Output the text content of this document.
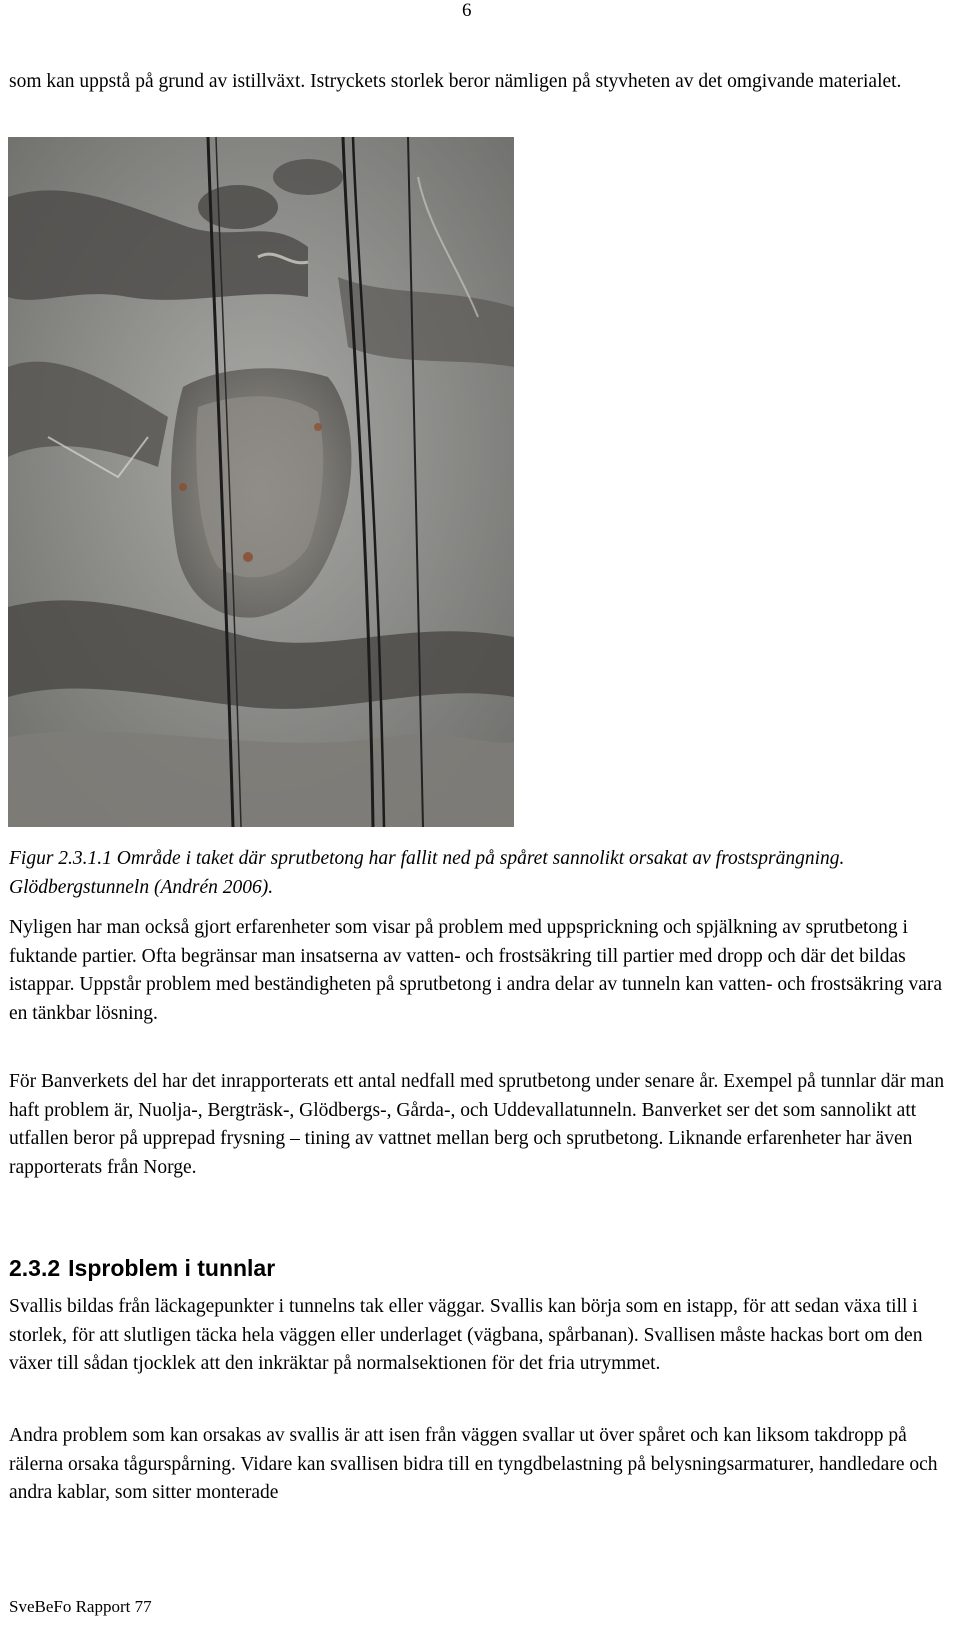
6

som kan uppstå på grund av istillväxt. Istryckets storlek beror nämligen på styvheten av det omgivande materialet.

Figur 2.3.1.1 Område i taket där sprutbetong har fallit ned på spåret sannolikt orsakat av frostsprängning. Glödbergstunneln (Andrén 2006).

Nyligen har man också gjort erfarenheter som visar på problem med uppsprickning och spjälkning av sprutbetong i fuktande partier. Ofta begränsar man insatserna av vatten- och frostsäkring till partier med dropp och där det bildas istappar. Uppstår problem med beständigheten på sprutbetong i andra delar av tunneln kan vatten- och frostsäkring vara en tänkbar lösning.

För Banverkets del har det inrapporterats ett antal nedfall med sprutbetong under senare år. Exempel på tunnlar där man haft problem är, Nuolja-, Bergträsk-, Glödbergs-, Gårda-, och Uddevallatunneln. Banverket ser det som sannolikt att utfallen beror på upprepad frysning – tining av vattnet mellan berg och sprutbetong. Liknande erfarenheter har även rapporterats från Norge.

2.3.2 Isproblem i tunnlar

Svallis bildas från läckagepunkter i tunnelns tak eller väggar. Svallis kan börja som en istapp, för att sedan växa till i storlek, för att slutligen täcka hela väggen eller underlaget (vägbana, spårbanan). Svallisen måste hackas bort om den växer till sådan tjocklek att den inkräktar på normalsektionen för det fria utrymmet.

Andra problem som kan orsakas av svallis är att isen från väggen svallar ut över spåret och kan liksom takdropp på rälerna orsaka tågurspårning. Vidare kan svallisen bidra till en tyngdbelastning på belysningsarmaturer, handledare och andra kablar, som sitter monterade

SveBeFo Rapport 77
